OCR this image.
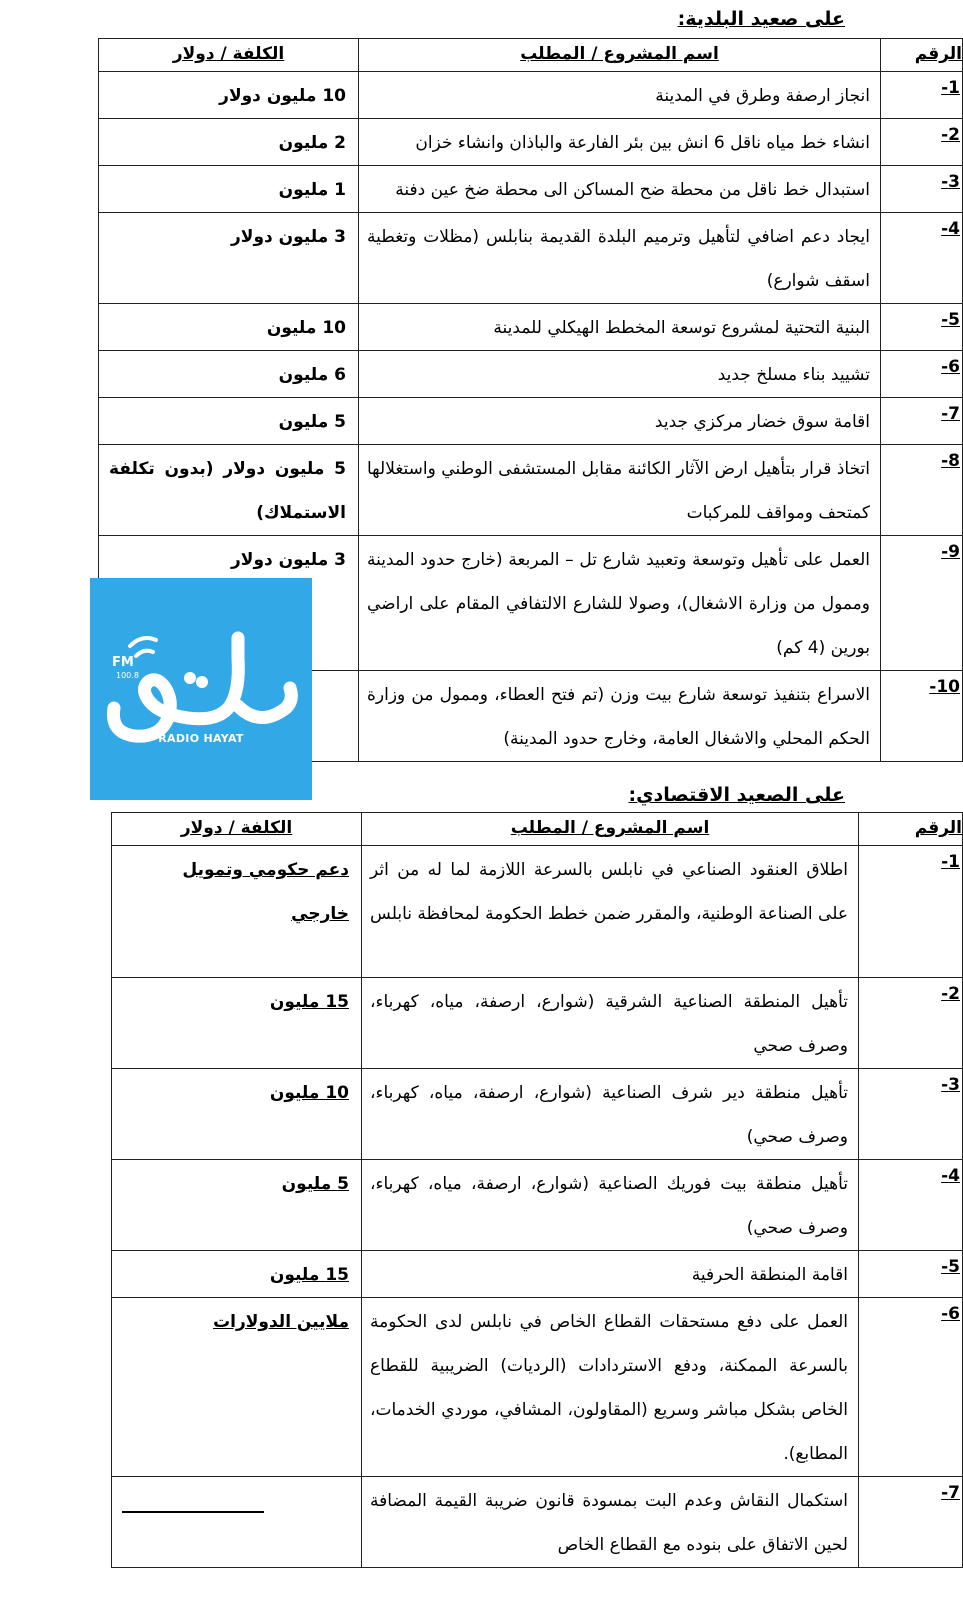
على صعيد البلدية:
الرقم	اسم المشروع / المطلب	الكلفة / دولار	
1-	انجاز ارصفة وطرق في المدينة	10 مليون دولار	
2-	انشاء خط مياه ناقل 6 انش بين بئر الفارعة والباذان وانشاء خزان	2 مليون	
3-	استبدال خط ناقل من محطة ضح المساكن الى محطة ضخ عين دفنة	1 مليون	
4-	ايجاد دعم اضافي لتأهيل وترميم البلدة القديمة بنابلس (مظلات وتغطية اسقف شوارع)	3 مليون دولار	
5-	البنية التحتية لمشروع توسعة المخطط الهيكلي للمدينة	10 مليون	
6-	تشييد بناء مسلخ جديد	6 مليون	
7-	اقامة سوق خضار مركزي جديد	5 مليون	
8-	اتخاذ قرار بتأهيل ارض الآثار الكائنة مقابل المستشفى الوطني واستغلالها كمتحف ومواقف للمركبات	5 مليون دولار (بدون تكلفة الاستملاك)	
9-	العمل على تأهيل وتوسعة وتعبيد شارع تل – المربعة (خارج حدود المدينة وممول من وزارة الاشغال)، وصولا للشارع الالتفافي المقام على اراضي بورين (4 كم)	3 مليون دولار	
10-	الاسراع بتنفيذ توسعة شارع بيت وزن (تم فتح العطاء، وممول من وزارة الحكم المحلي والاشغال العامة، وخارج حدود المدينة)		
على الصعيد الاقتصادي:
الرقم	اسم المشروع / المطلب	الكلفة / دولار	
1-	اطلاق العنقود الصناعي في نابلس بالسرعة اللازمة لما له من اثر على الصناعة الوطنية، والمقرر ضمن خطط الحكومة لمحافظة نابلس	دعم حكومي وتمويل خارجي	
2-	تأهيل المنطقة الصناعية الشرقية (شوارع، ارصفة، مياه، كهرباء، وصرف صحي	15 مليون	
3-	تأهيل منطقة دير شرف الصناعية (شوارع، ارصفة، مياه، كهرباء، وصرف صحي)	10 مليون	
4-	تأهيل منطقة بيت فوريك الصناعية (شوارع، ارصفة، مياه، كهرباء، وصرف صحي)	5 مليون	
5-	اقامة المنطقة الحرفية	15 مليون	
6-	العمل على دفع مستحقات القطاع الخاص في نابلس لدى الحكومة بالسرعة الممكنة، ودفع الاستردادات (الرديات) الضريبية للقطاع الخاص بشكل مباشر وسريع (المقاولون، المشافي، موردي الخدمات، المطابع).	ملايين الدولارات	
7-	استكمال النقاش وعدم البت بمسودة قانون ضريبة القيمة المضافة لحين الاتفاق على بنوده مع القطاع الخاص		
FM
100.8
RADIO HAYAT
